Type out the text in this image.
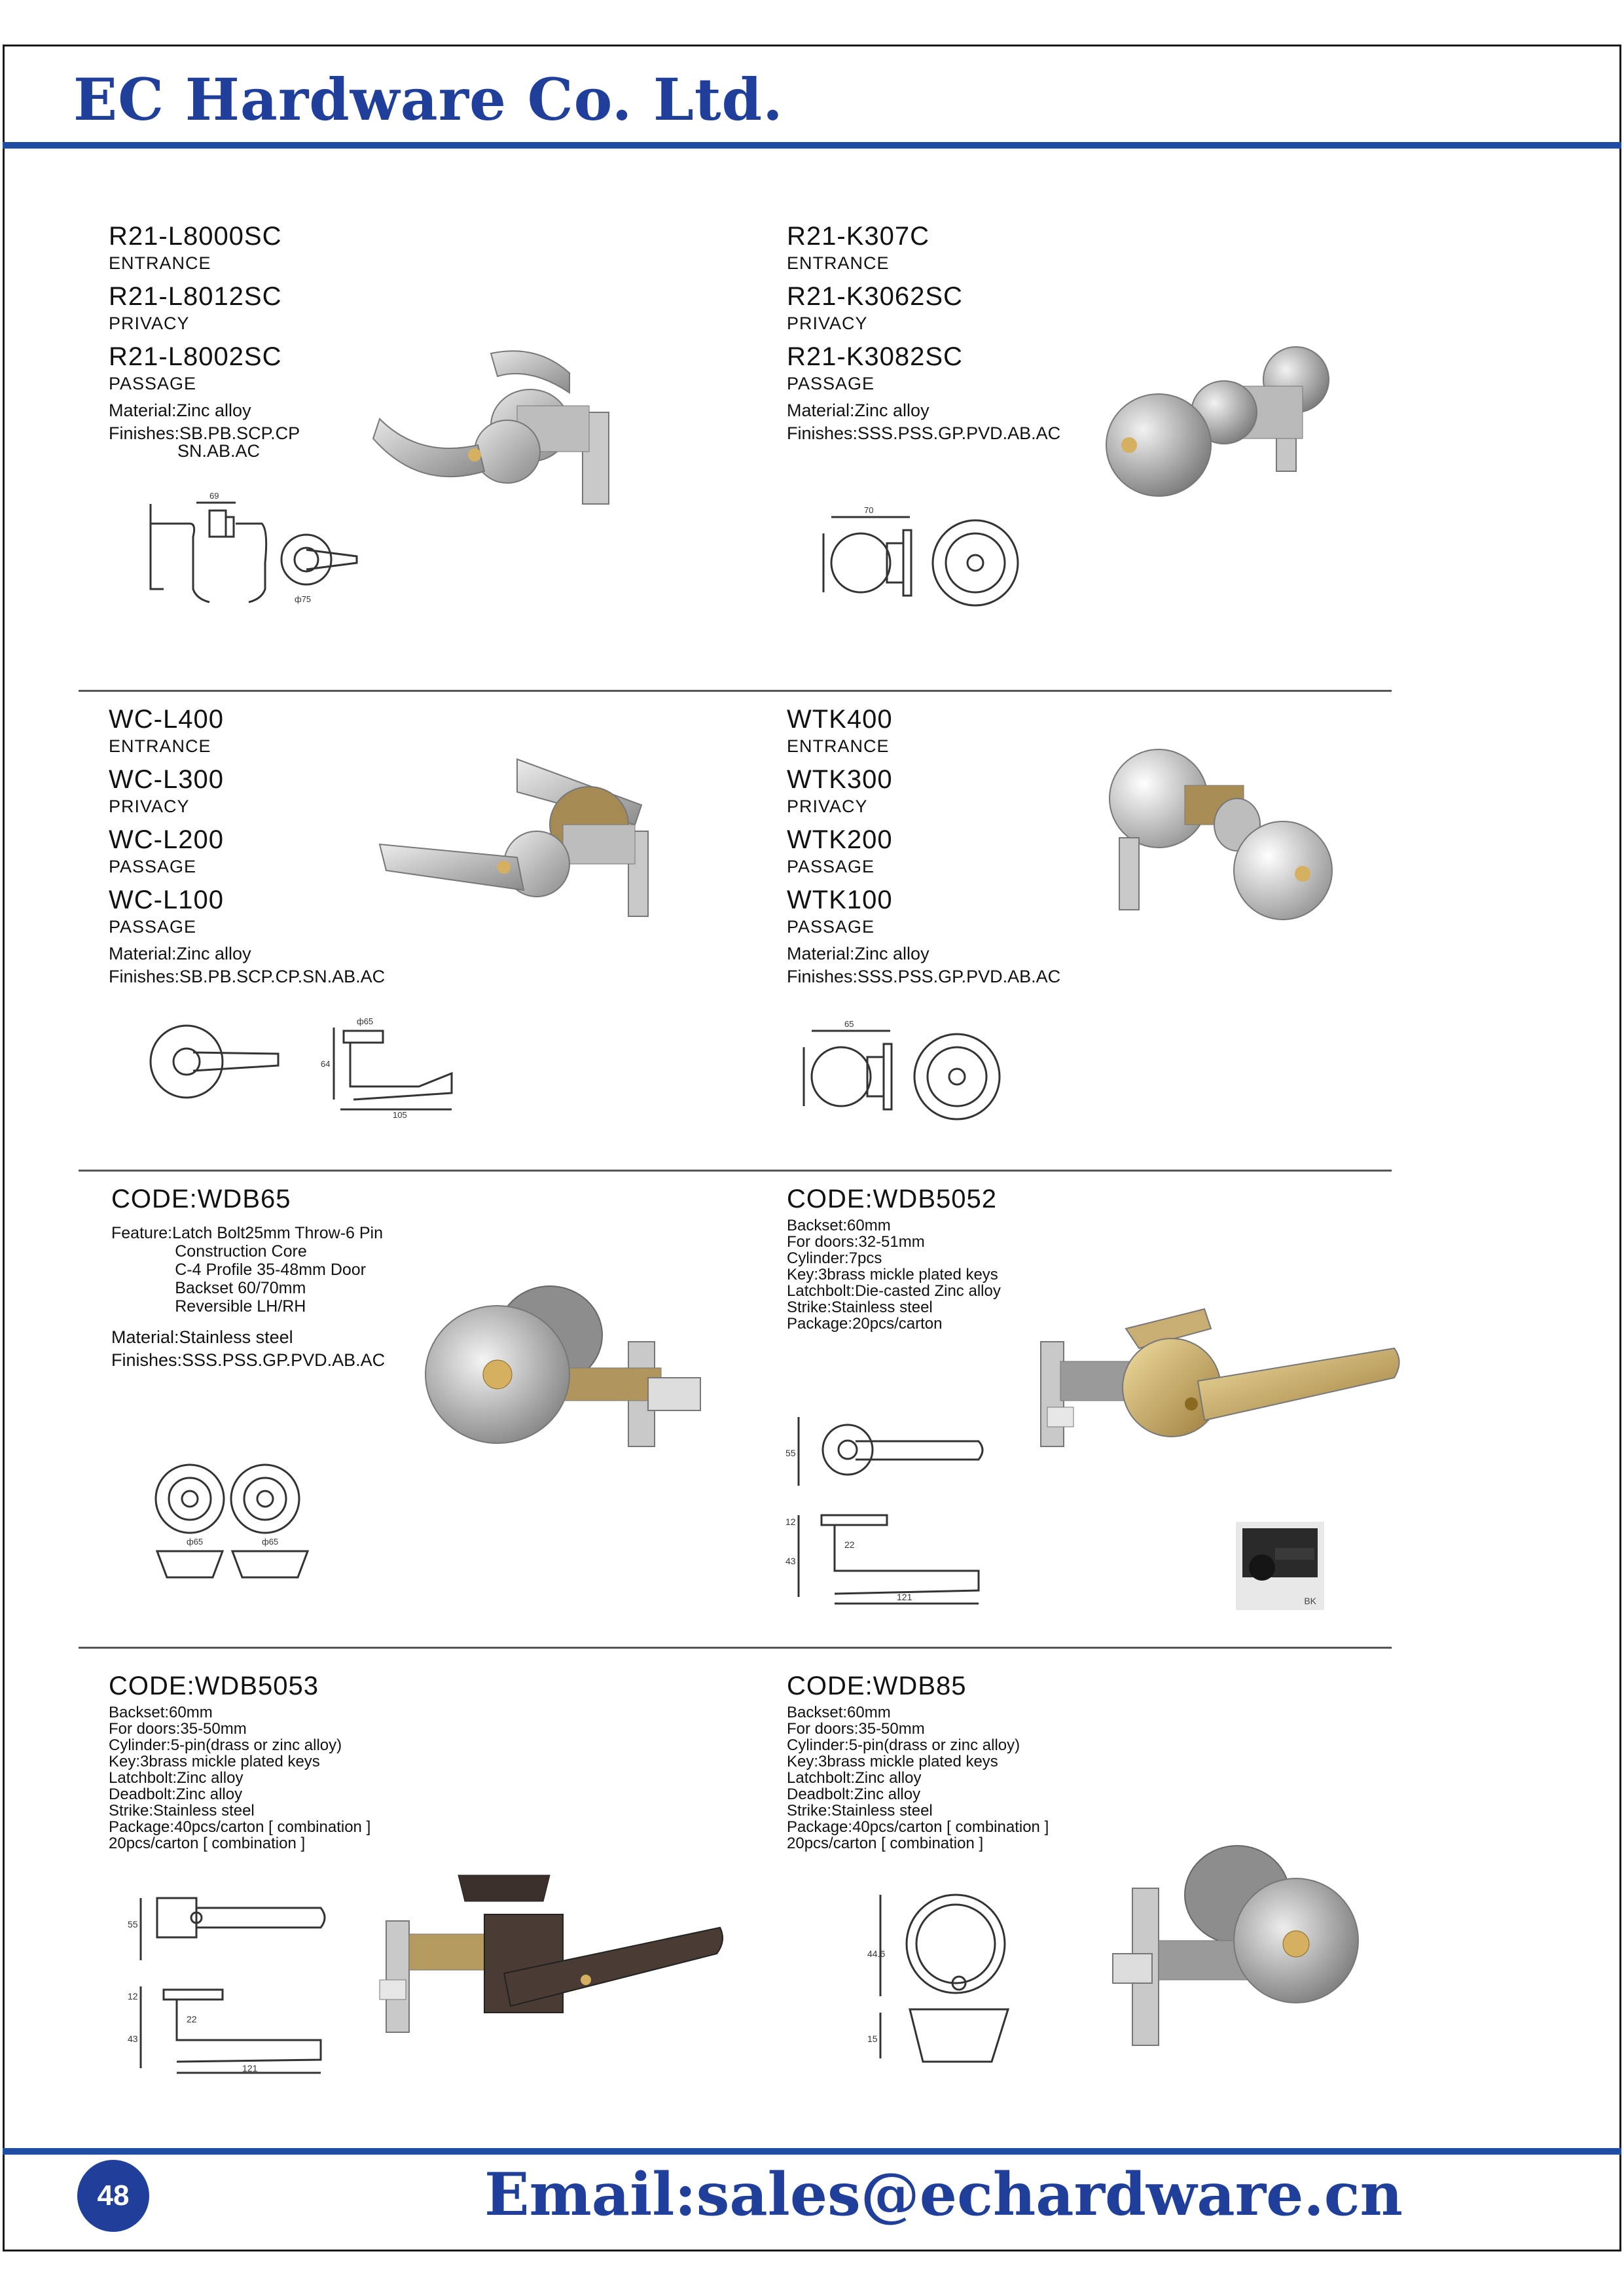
EC Hardware Co. Ltd.
R21-L8000SC
ENTRANCE
R21-L8012SC
PRIVACY
R21-L8002SC
PASSAGE
Material:Zinc alloy
Finishes:SB.PB.SCP.CP
SN.AB.AC
69
ф75
R21-K307C
ENTRANCE
R21-K3062SC
PRIVACY
R21-K3082SC
PASSAGE
Material:Zinc alloy
Finishes:SSS.PSS.GP.PVD.AB.AC
70
WC-L400
ENTRANCE
WC-L300
PRIVACY
WC-L200
PASSAGE
WC-L100
PASSAGE
Material:Zinc alloy
Finishes:SB.PB.SCP.CP.SN.AB.AC
ф65
64
105
WTK400
ENTRANCE
WTK300
PRIVACY
WTK200
PASSAGE
WTK100
PASSAGE
Material:Zinc alloy
Finishes:SSS.PSS.GP.PVD.AB.AC
65
CODE:WDB65
Feature:Latch Bolt25mm Throw-6 Pin
Construction Core
C-4 Profile 35-48mm Door
Backset 60/70mm
Reversible LH/RH
Material:Stainless steel
Finishes:SSS.PSS.GP.PVD.AB.AC
ф65	ф65
CODE:WDB5052
Backset:60mm
For doors:32-51mm
Cylinder:7pcs
Key:3brass mickle plated keys
Latchbolt:Die-casted Zinc alloy
Strike:Stainless steel
Package:20pcs/carton
55
12
22
43
121	BK
CODE:WDB5053
Backset:60mm
For doors:35-50mm
Cylinder:5-pin(drass or zinc alloy)
Key:3brass mickle plated keys
Latchbolt:Zinc alloy
Deadbolt:Zinc alloy
Strike:Stainless steel
Package:40pcs/carton [ combination ]
20pcs/carton [ combination ]
55
12
22
43
121
CODE:WDB85
Backset:60mm
For doors:35-50mm
Cylinder:5-pin(drass or zinc alloy)
Key:3brass mickle plated keys
Latchbolt:Zinc alloy
Deadbolt:Zinc alloy
Strike:Stainless steel
Package:40pcs/carton [ combination ]
20pcs/carton [ combination ]
44.6
15
48	Email:sales@echardware.cn
